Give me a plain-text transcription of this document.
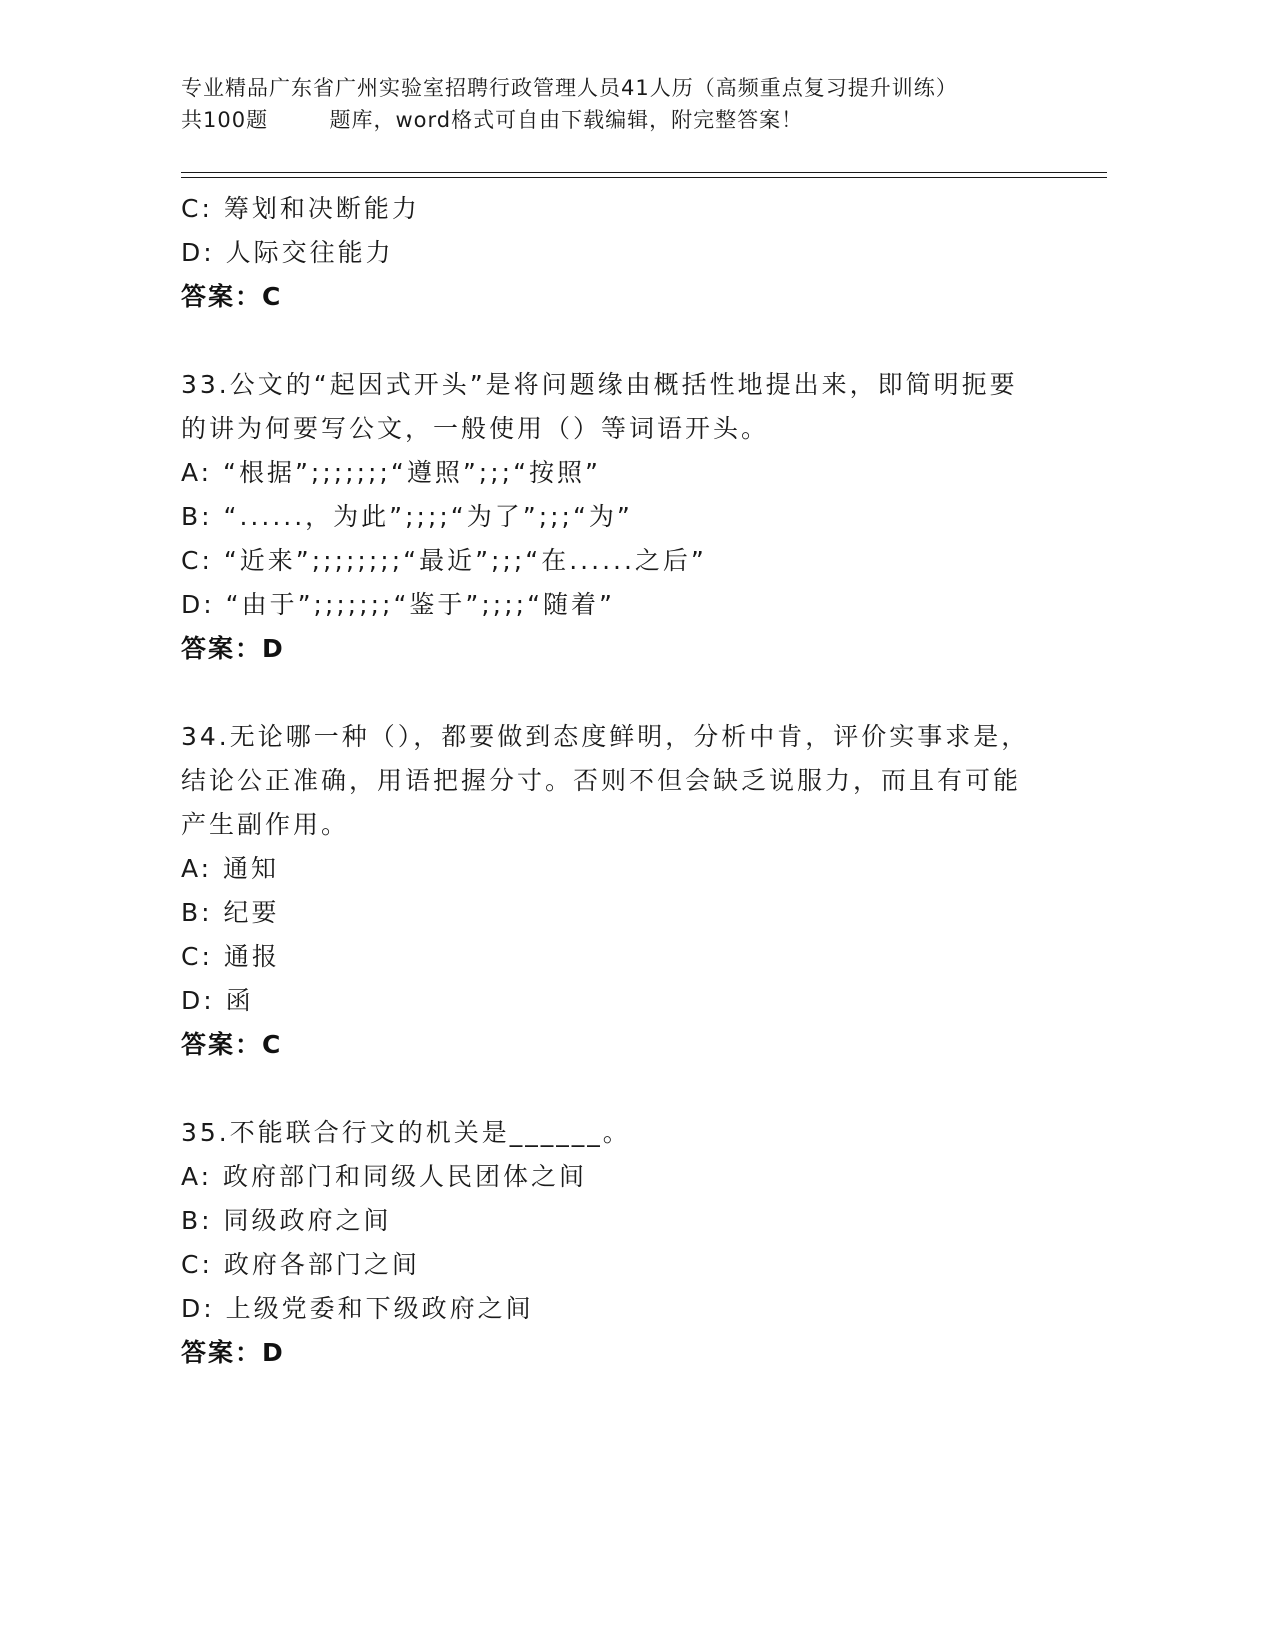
专业精品广东省广州实验室招聘行政管理人员41人历（高频重点复习提升训练）
共100题        题库，word格式可自由下载编辑，附完整答案！
C: 筹划和决断能力
D: 人际交往能力
答案：C
33.公文的“起因式开头”是将问题缘由概括性地提出来，即简明扼要
的讲为何要写公文，一般使用（）等词语开头。
A: “根据”;;;;;;;“遵照”;;;“按照”
B: “......，为此”;;;;“为了”;;;“为”
C: “近来”;;;;;;;;“最近”;;;“在......之后”
D: “由于”;;;;;;;“鉴于”;;;;“随着”
答案：D
34.无论哪一种（），都要做到态度鲜明，分析中肯，评价实事求是，
结论公正准确，用语把握分寸。否则不但会缺乏说服力，而且有可能
产生副作用。
A: 通知
B: 纪要
C: 通报
D: 函
答案：C
35.不能联合行文的机关是______。
A: 政府部门和同级人民团体之间
B: 同级政府之间
C: 政府各部门之间
D: 上级党委和下级政府之间
答案：D
